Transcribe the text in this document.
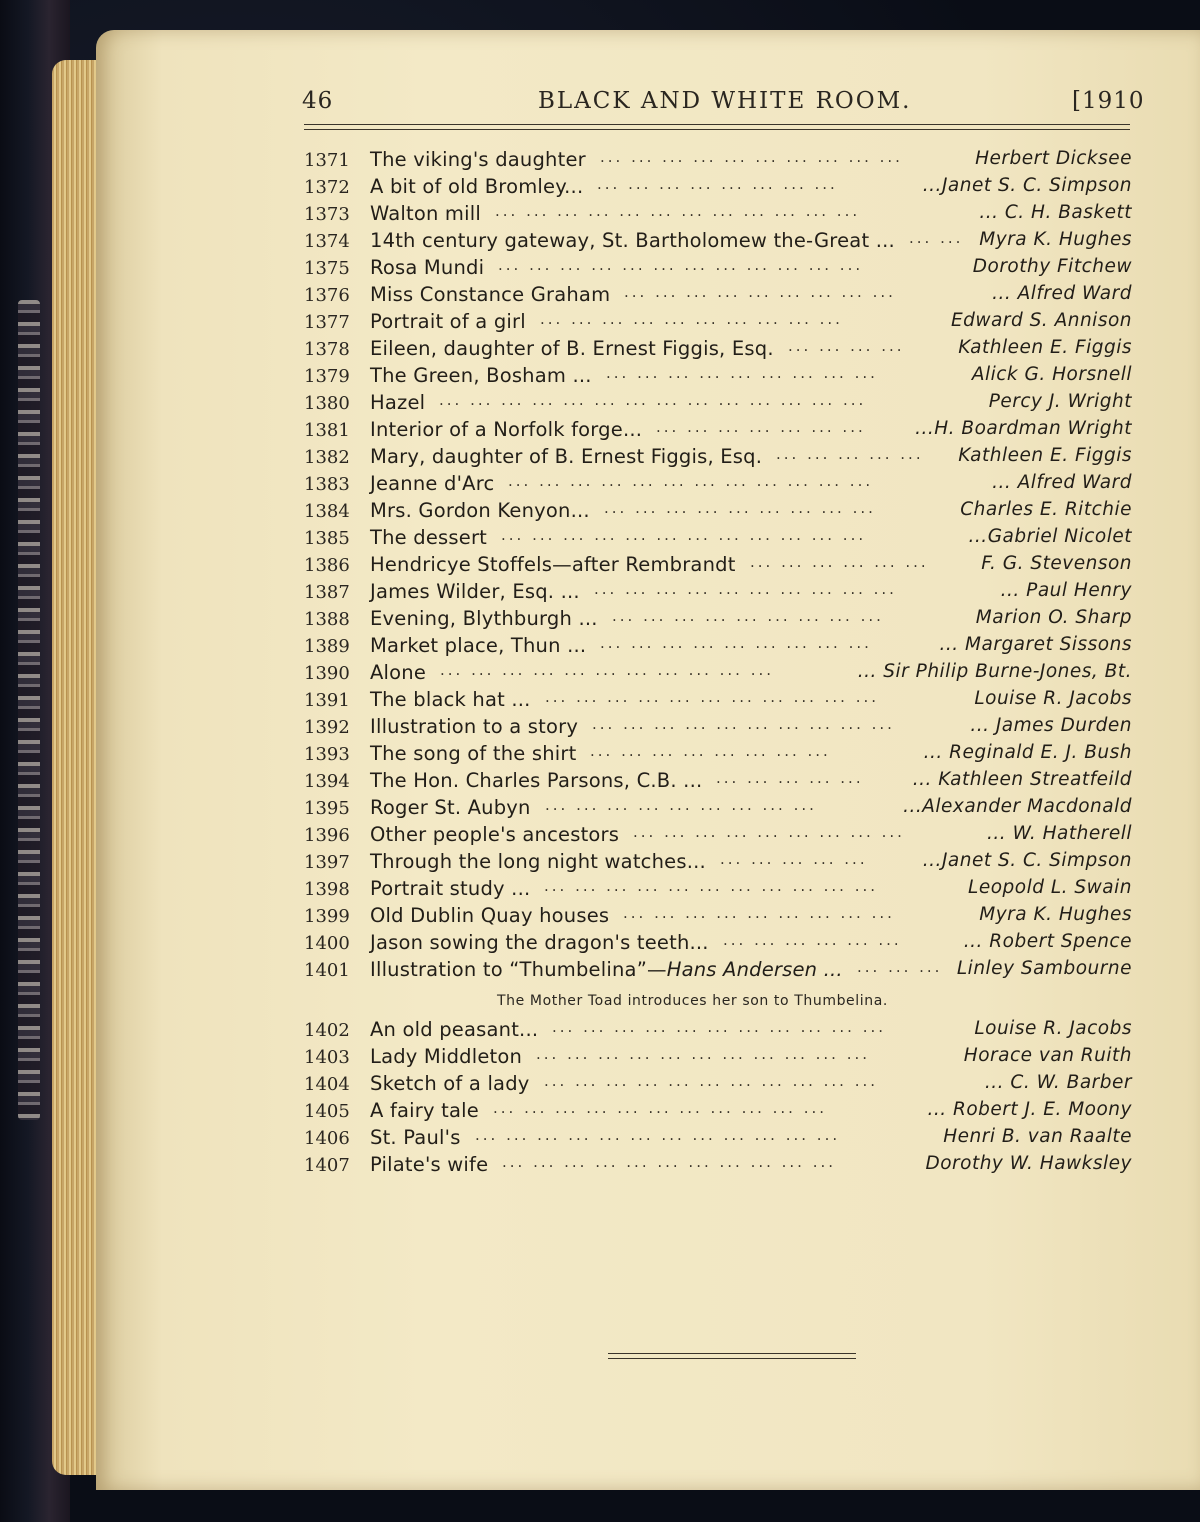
46	BLACK AND WHITE ROOM.	[1910
1371 The viking's daughter ... ... ... ... ... ... ... ... ... ...	Herbert Dicksee
1372 A bit of old Bromley... ... ... ... ... ... ... ... ...	...Janet S. C. Simpson
1373 Walton mill ... ... ... ... ... ... ... ... ... ... ... ...	... C. H. Baskett
1374 14th century gateway, St. Bartholomew the-Great ... ... ... Myra K. Hughes
1375 Rosa Mundi ... ... ... ... ... ... ... ... ... ... ... ...	Dorothy Fitchew
1376 Miss Constance Graham ... ... ... ... ... ... ... ... ...	... Alfred Ward
1377 Portrait of a girl ... ... ... ... ... ... ... ... ... ...	Edward S. Annison
1378 Eileen, daughter of B. Ernest Figgis, Esq. ... ... ... ...	Kathleen E. Figgis
1379 The Green, Bosham ... ... ... ... ... ... ... ... ... ...	Alick G. Horsnell
1380 Hazel ... ... ... ... ... ... ... ... ... ... ... ... ... ...	Percy J. Wright
1381 Interior of a Norfolk forge... ... ... ... ... ... ... ...	...H. Boardman Wright
1382 Mary, daughter of B. Ernest Figgis, Esq. ... ... ... ... ...	Kathleen E. Figgis
1383 Jeanne d'Arc ... ... ... ... ... ... ... ... ... ... ... ...	... Alfred Ward
1384 Mrs. Gordon Kenyon... ... ... ... ... ... ... ... ... ...	Charles E. Ritchie
1385 The dessert ... ... ... ... ... ... ... ... ... ... ... ...	...Gabriel Nicolet
1386 Hendricye Stoffels—after Rembrandt ... ... ... ... ... ...	F. G. Stevenson
1387 James Wilder, Esq. ... ... ... ... ... ... ... ... ... ... ...	... Paul Henry
1388 Evening, Blythburgh ... ... ... ... ... ... ... ... ... ...	Marion O. Sharp
1389 Market place, Thun ... ... ... ... ... ... ... ... ... ...	... Margaret Sissons
1390 Alone ... ... ... ... ... ... ... ... ... ... ...	... Sir Philip Burne-Jones, Bt.
1391 The black hat ... ... ... ... ... ... ... ... ... ... ... ...	Louise R. Jacobs
1392 Illustration to a story ... ... ... ... ... ... ... ... ... ...	... James Durden
1393 The song of the shirt ... ... ... ... ... ... ... ...	... Reginald E. J. Bush
1394 The Hon. Charles Parsons, C.B. ... ... ... ... ... ...	... Kathleen Streatfeild
1395 Roger St. Aubyn ... ... ... ... ... ... ... ... ...	...Alexander Macdonald
1396 Other people's ancestors ... ... ... ... ... ... ... ... ...	... W. Hatherell
1397 Through the long night watches... ... ... ... ... ...	...Janet S. C. Simpson
1398 Portrait study ... ... ... ... ... ... ... ... ... ... ... ...	Leopold L. Swain
1399 Old Dublin Quay houses ... ... ... ... ... ... ... ... ...	Myra K. Hughes
1400 Jason sowing the dragon's teeth... ... ... ... ... ... ...	... Robert Spence
1401 Illustration to “Thumbelina”—Hans Andersen ... ... ... ... Linley Sambourne
1402 An old peasant... ... ... ... ... ... ... ... ... ... ... ...	Louise R. Jacobs
1403 Lady Middleton ... ... ... ... ... ... ... ... ... ... ...	Horace van Ruith
1404 Sketch of a lady ... ... ... ... ... ... ... ... ... ... ...	... C. W. Barber
1405 A fairy tale ... ... ... ... ... ... ... ... ... ... ...	... Robert J. E. Moony
1406 St. Paul's ... ... ... ... ... ... ... ... ... ... ... ...	Henri B. van Raalte
1407 Pilate's wife ... ... ... ... ... ... ... ... ... ... ...	Dorothy W. Hawksley
The Mother Toad introduces her son to Thumbelina.
